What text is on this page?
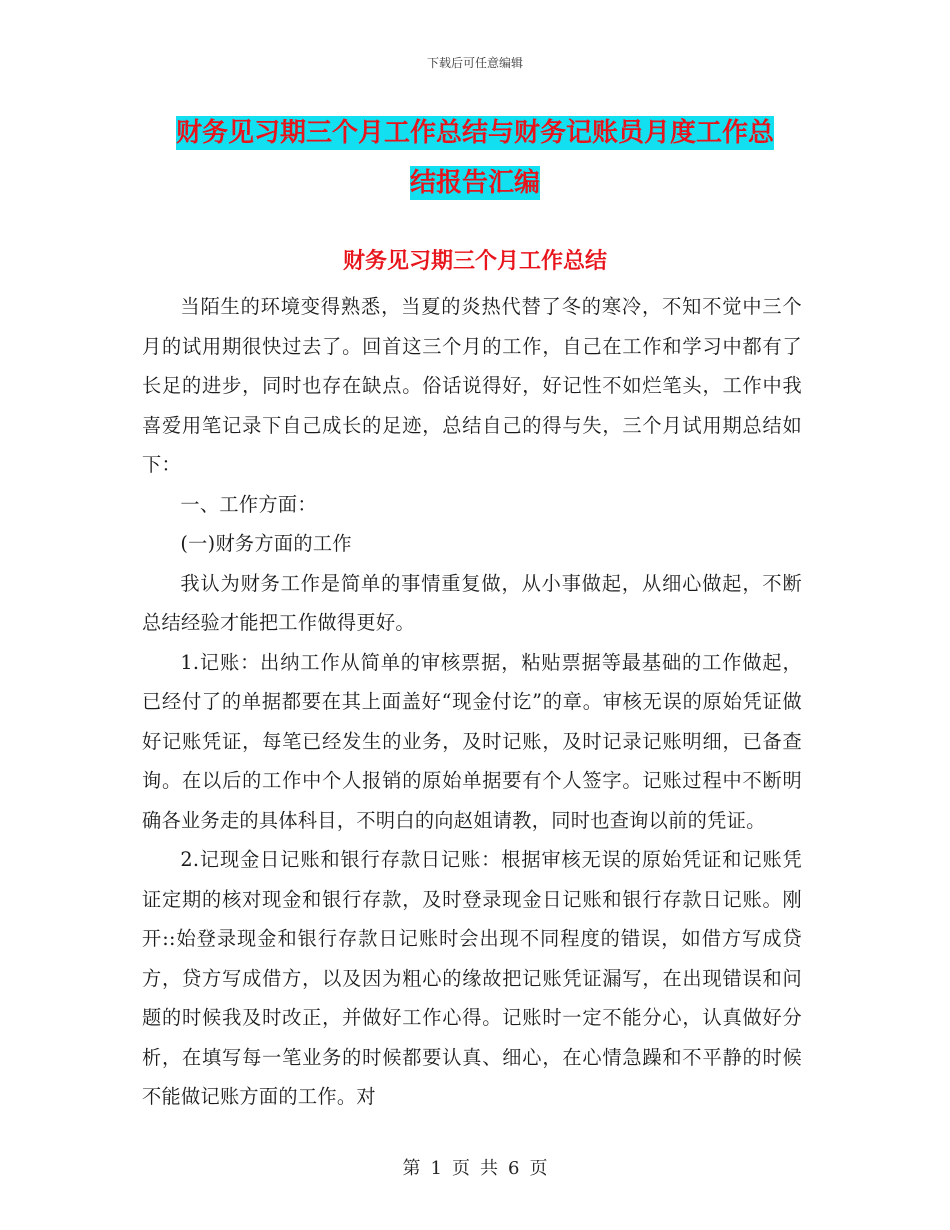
下载后可任意编辑
财务见习期三个月工作总结与财务记账员月度工作总
结报告汇编
财务见习期三个月工作总结

当陌生的环境变得熟悉，当夏的炎热代替了冬的寒冷，不知不觉中三个月的试用期很快过去了。回首这三个月的工作，自己在工作和学习中都有了长足的进步，同时也存在缺点。俗话说得好，好记性不如烂笔头，工作中我喜爱用笔记录下自己成长的足迹，总结自己的得与失，三个月试用期总结如下：

一、工作方面：

(一)财务方面的工作

我认为财务工作是简单的事情重复做，从小事做起，从细心做起，不断总结经验才能把工作做得更好。

1.记账：出纳工作从简单的审核票据，粘贴票据等最基础的工作做起，已经付了的单据都要在其上面盖好“现金付讫”的章。审核无误的原始凭证做好记账凭证，每笔已经发生的业务，及时记账，及时记录记账明细，已备查询。在以后的工作中个人报销的原始单据要有个人签字。记账过程中不断明确各业务走的具体科目，不明白的向赵姐请教，同时也查询以前的凭证。

2.记现金日记账和银行存款日记账：根据审核无误的原始凭证和记账凭证定期的核对现金和银行存款，及时登录现金日记账和银行存款日记账。刚开::始登录现金和银行存款日记账时会出现不同程度的错误，如借方写成贷方，贷方写成借方，以及因为粗心的缘故把记账凭证漏写，在出现错误和问题的时候我及时改正，并做好工作心得。记账时一定不能分心，认真做好分析，在填写每一笔业务的时候都要认真、细心，在心情急躁和不平静的时候不能做记账方面的工作。对

第 1 页 共 6 页
